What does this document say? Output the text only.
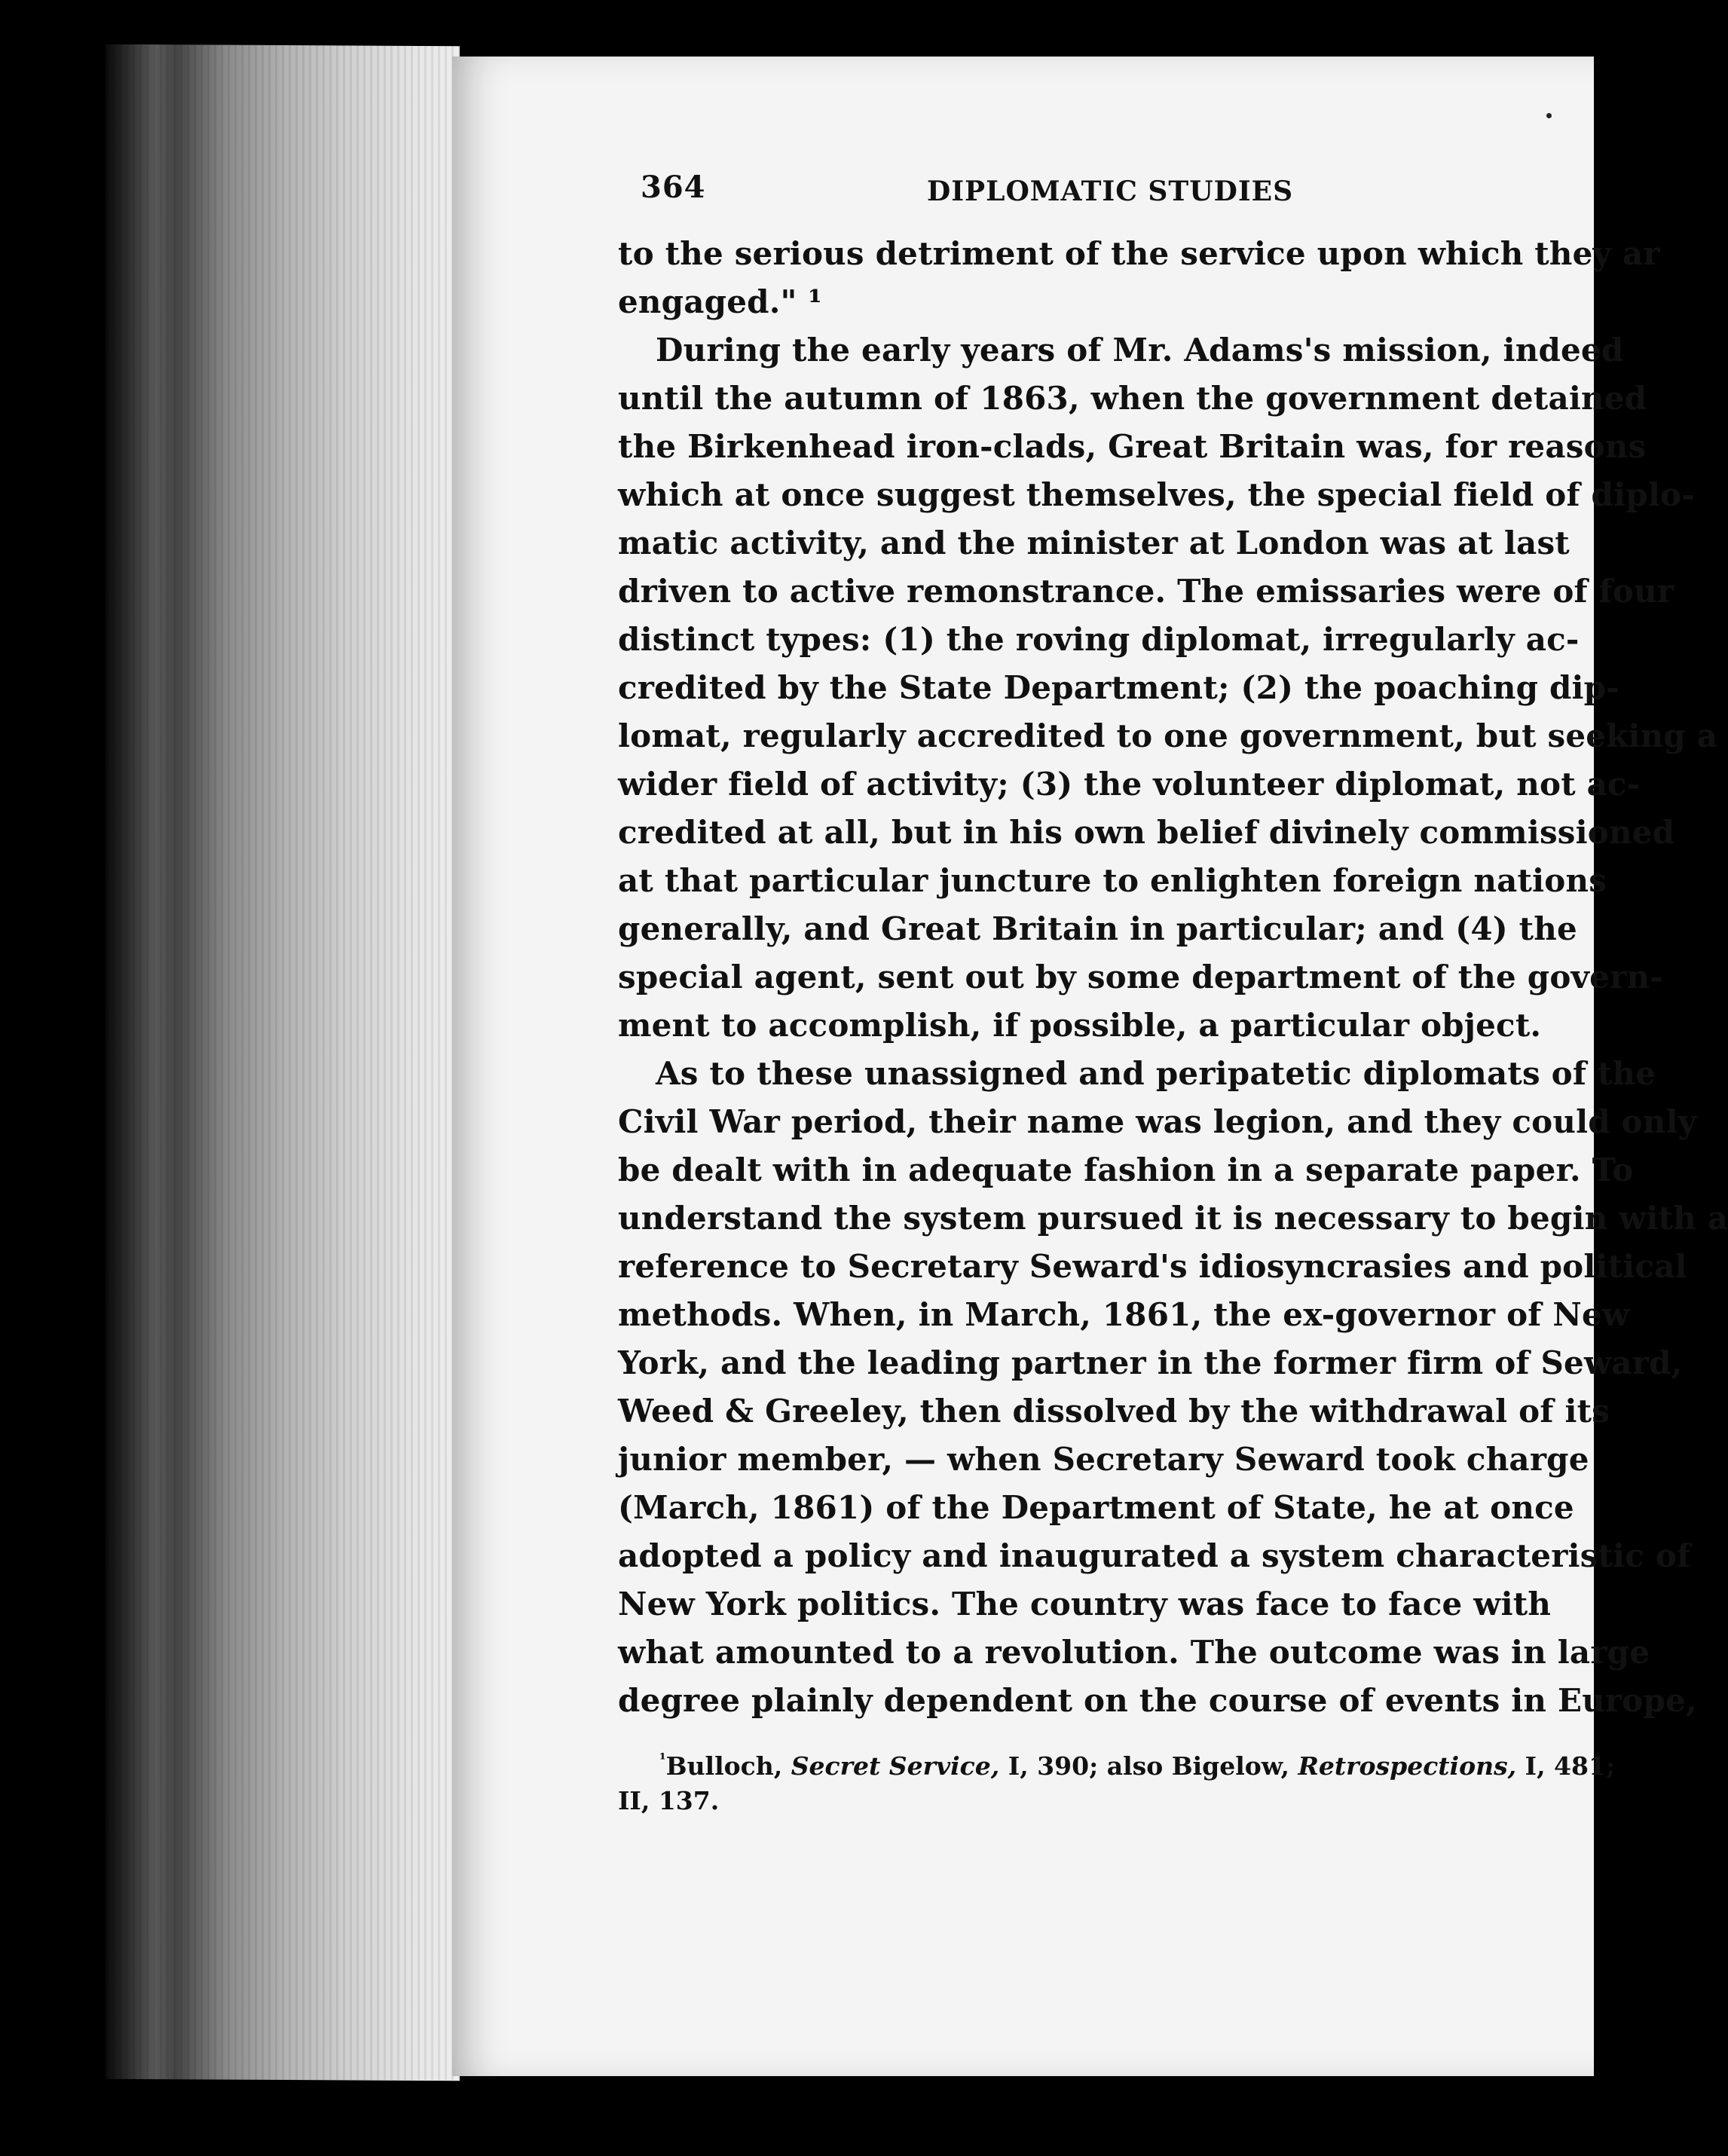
364	DIPLOMATIC STUDIES
to the serious detriment of the service upon which they ar
engaged." ¹
During the early years of Mr. Adams's mission, indeed
until the autumn of 1863, when the government detained
the Birkenhead iron-clads, Great Britain was, for reasons
which at once suggest themselves, the special field of diplo-
matic activity, and the minister at London was at last
driven to active remonstrance. The emissaries were of four
distinct types: (1) the roving diplomat, irregularly ac-
credited by the State Department; (2) the poaching dip-
lomat, regularly accredited to one government, but seeking a
wider field of activity; (3) the volunteer diplomat, not ac-
credited at all, but in his own belief divinely commissioned
at that particular juncture to enlighten foreign nations
generally, and Great Britain in particular; and (4) the
special agent, sent out by some department of the govern-
ment to accomplish, if possible, a particular object.
As to these unassigned and peripatetic diplomats of the
Civil War period, their name was legion, and they could only
be dealt with in adequate fashion in a separate paper. To
understand the system pursued it is necessary to begin with a
reference to Secretary Seward's idiosyncrasies and political
methods. When, in March, 1861, the ex-governor of New
York, and the leading partner in the former firm of Seward,
Weed & Greeley, then dissolved by the withdrawal of its
junior member, — when Secretary Seward took charge
(March, 1861) of the Department of State, he at once
adopted a policy and inaugurated a system characteristic of
New York politics. The country was face to face with
what amounted to a revolution. The outcome was in large
degree plainly dependent on the course of events in Europe,
$^{^1}$Bulloch, Secret Service, I, 390; also Bigelow, Retrospections, I, 481;
II, 137.
